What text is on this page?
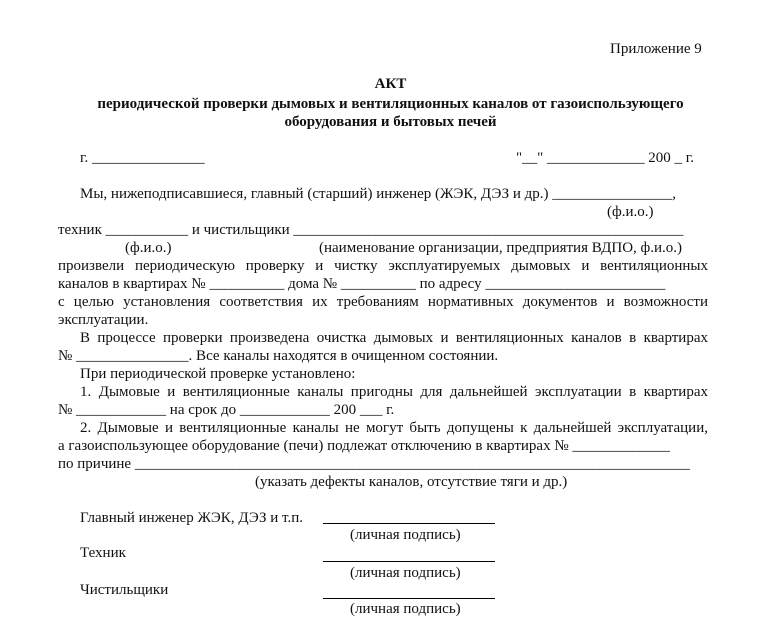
Приложение 9
АКТ
периодической проверки дымовых и вентиляционных каналов от газоиспользующего
оборудования и бытовых печей
г. _______________	"__" _____________ 200 _ г.
Мы, нижеподписавшиеся, главный (старший) инженер (ЖЭК, ДЭЗ и др.) ________________,
(ф.и.о.)
техник ___________ и чистильщики ____________________________________________________
(ф.и.о.)	(наименование организации, предприятия ВДПО, ф.и.о.)
произвели периодическую проверку и чистку эксплуатируемых дымовых и вентиляционных
каналов в квартирах № __________ дома № __________ по адресу ________________________
с целью установления соответствия их требованиям нормативных документов и возможности
эксплуатации.
В процессе проверки произведена очистка дымовых и вентиляционных каналов в квартирах
№ _______________. Все каналы находятся в очищенном состоянии.
При периодической проверке установлено:
1. Дымовые и вентиляционные каналы пригодны для дальнейшей эксплуатации в квартирах
№ ____________ на срок до ____________ 200 ___ г.
2. Дымовые и вентиляционные каналы не могут быть допущены к дальнейшей эксплуатации,
а газоиспользующее оборудование (печи) подлежат отключению в квартирах № _____________
по причине __________________________________________________________________________
(указать дефекты каналов, отсутствие тяги и др.)
Главный инженер ЖЭК, ДЭЗ и т.п.
(личная подпись)
Техник
(личная подпись)
Чистильщики
(личная подпись)
